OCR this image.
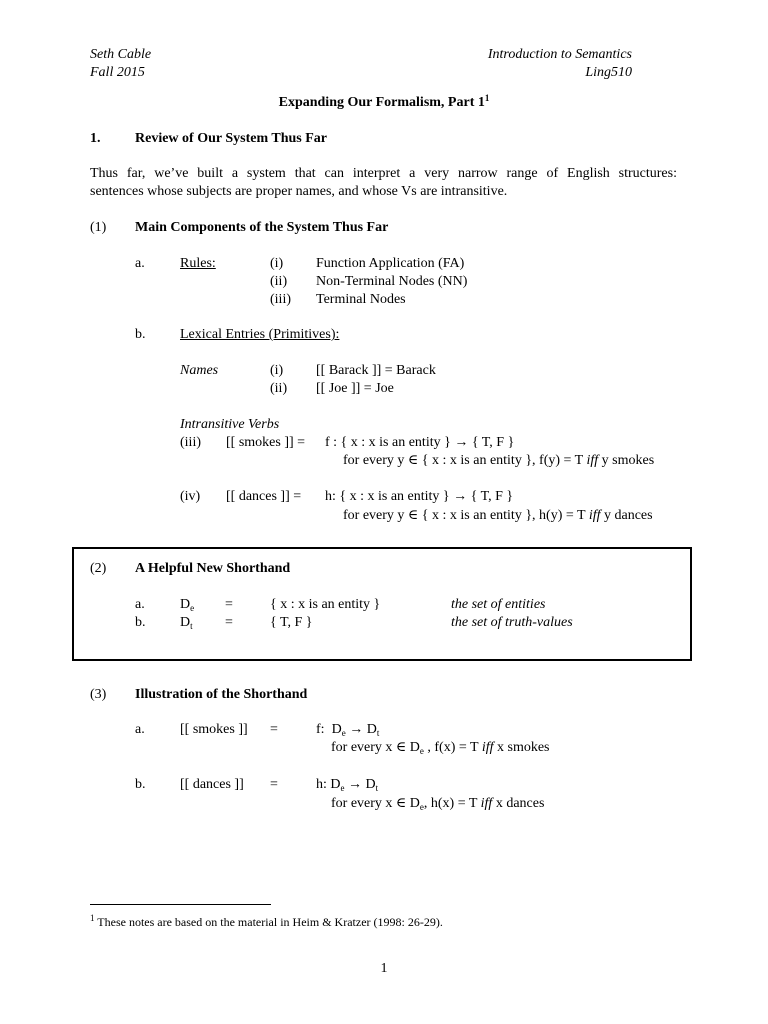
Seth Cable
Fall 2015
Introduction to Semantics
Ling510
Expanding Our Formalism, Part $1^1$
1. Review of Our System Thus Far
Thus far, we’ve built a system that can interpret a very narrow range of English structures:
sentences whose subjects are proper names, and whose Vs are intransitive.
(1) Main Components of the System Thus Far
a.	Rules:	(i) Function Application (FA)
(ii) Non-Terminal Nodes (NN)
(iii) Terminal Nodes
b. Lexical Entries (Primitives):
Names	(i) [[ Barack ]] = Barack
(ii) [[ Joe ]] = Joe
Intransitive Verbs
(iii) [[ smokes ]] = f : { x : x is an entity } → { T, F }
for every y ∈ { x : x is an entity }, f(y) = T iff y smokes
(iv) [[ dances ]] = h: { x : x is an entity } → { T, F }
for every y ∈ { x : x is an entity }, h(y) = T iff y dances
(2) A Helpful New Shorthand
a.	$D_e$ =	{ x : x is an entity }	the set of entities
b. $D_t$ =	{ T, F }	the set of truth-values
(3) Illustration of the Shorthand
a.	[[ smokes ]] =	f: $D_e \to D_t$
for every x ∈ $D_e$ , f(x) = T iff x smokes
b. [[ dances ]] =	h: $D_e \to D_t$
for every x ∈ $D_e$, h(x) = T iff x dances
$^1$ These notes are based on the material in Heim & Kratzer (1998: 26-29).
1
